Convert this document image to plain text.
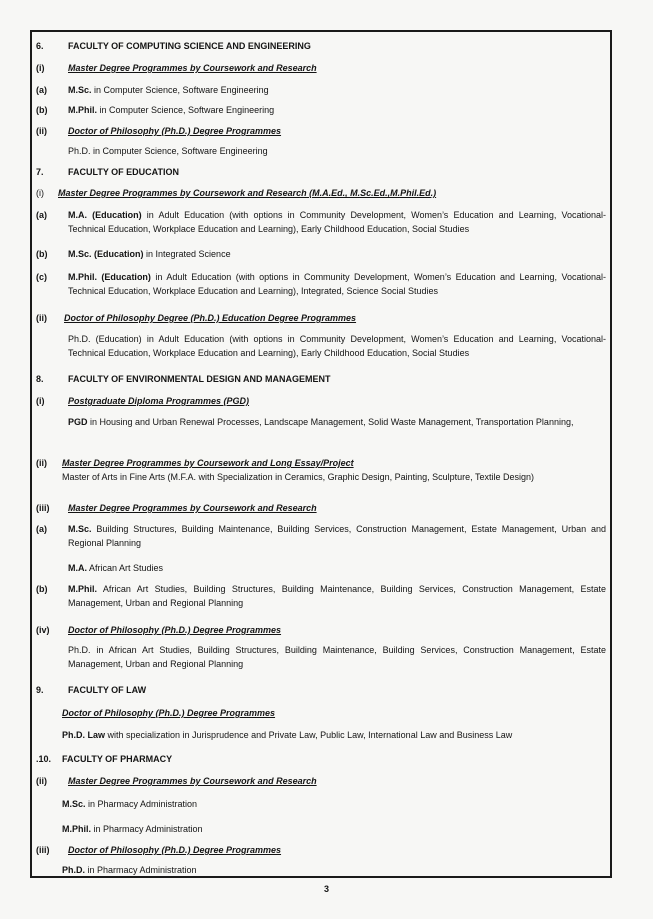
6.	FACULTY OF COMPUTING SCIENCE AND ENGINEERING
(i)	Master Degree Programmes by Coursework and Research
(a) M.Sc. in Computer Science, Software Engineering
(b) M.Phil. in Computer Science, Software Engineering
(ii) Doctor of Philosophy (Ph.D.) Degree Programmes
Ph.D. in Computer Science, Software Engineering
7.	FACULTY OF EDUCATION
(i) Master Degree Programmes by Coursework and Research (M.A.Ed., M.Sc.Ed.,M.Phil.Ed.)
(a) M.A. (Education) in Adult Education (with options in Community Development, Women’s Education and Learning, Vocational-Technical Education, Workplace Education and Learning), Early Childhood Education, Social Studies
(b) M.Sc. (Education) in Integrated Science
(c) M.Phil. (Education) in Adult Education (with options in Community Development, Women’s Education and Learning, Vocational-Technical Education, Workplace Education and Learning), Integrated, Science Social Studies
(ii) Doctor of Philosophy Degree (Ph.D.) Education Degree Programmes
Ph.D. (Education) in Adult Education (with options in Community Development, Women’s Education and Learning, Vocational-Technical Education, Workplace Education and Learning), Early Childhood Education, Social Studies
8.	FACULTY OF ENVIRONMENTAL DESIGN AND MANAGEMENT
(i)	Postgraduate Diploma Programmes (PGD)
PGD in Housing and Urban Renewal Processes, Landscape Management, Solid Waste Management, Transportation Planning,
(ii) Master Degree Programmes by Coursework and Long Essay/Project
Master of Arts in Fine Arts (M.F.A. with Specialization in Ceramics, Graphic Design, Painting, Sculpture, Textile Design)
(iii) Master Degree Programmes by Coursework and Research
(a) M.Sc. Building Structures, Building Maintenance, Building Services, Construction Management, Estate Management, Urban and Regional Planning
M.A. African Art Studies
(b) M.Phil. African Art Studies, Building Structures, Building Maintenance, Building Services, Construction Management, Estate Management, Urban and Regional Planning
(iv) Doctor of Philosophy (Ph.D.) Degree Programmes
Ph.D. in African Art Studies, Building Structures, Building Maintenance, Building Services, Construction Management, Estate Management, Urban and Regional Planning
9.	FACULTY OF LAW
Doctor of Philosophy (Ph.D.) Degree Programmes
Ph.D. Law with specialization in Jurisprudence and Private Law, Public Law, International Law and Business Law
.10. FACULTY OF PHARMACY
(ii) Master Degree Programmes by Coursework and Research
M.Sc. in Pharmacy Administration
M.Phil. in Pharmacy Administration
(iii) Doctor of Philosophy (Ph.D.) Degree Programmes
Ph.D. in Pharmacy Administration
3
